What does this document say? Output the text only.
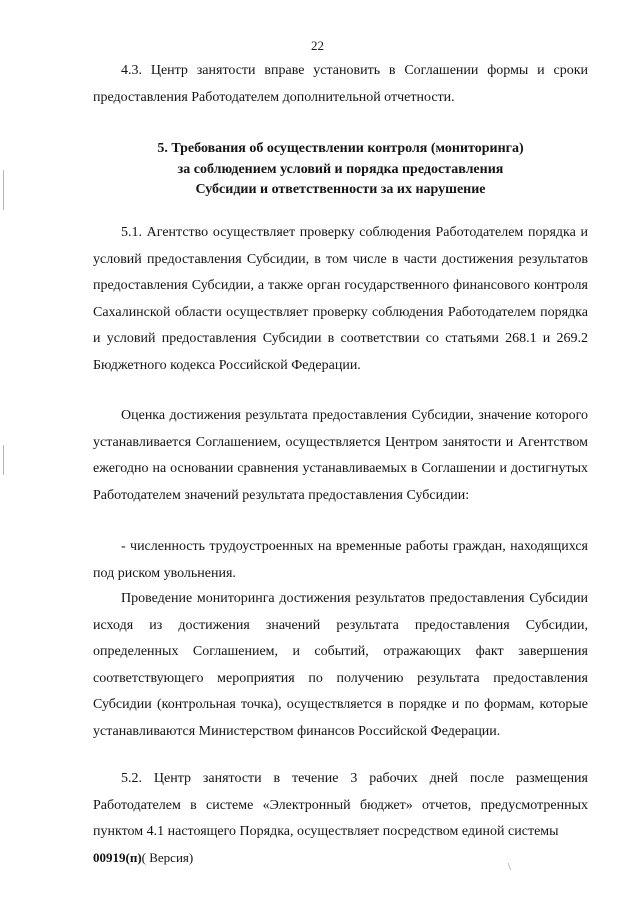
22

4.3. Центр занятости вправе установить в Соглашении формы и сроки предоставления Работодателем дополнительной отчетности.

5. Требования об осуществлении контроля (мониторинга)
за соблюдением условий и порядка предоставления
Субсидии и ответственности за их нарушение

5.1. Агентство осуществляет проверку соблюдения Работодателем порядка и условий предоставления Субсидии, в том числе в части достижения результатов предоставления Субсидии, а также орган государственного финансового контроля Сахалинской области осуществляет проверку соблюдения Работодателем порядка и условий предоставления Субсидии в соответствии со статьями 268.1 и 269.2 Бюджетного кодекса Российской Федерации.

Оценка достижения результата предоставления Субсидии, значение которого устанавливается Соглашением, осуществляется Центром занятости и Агентством ежегодно на основании сравнения устанавливаемых в Соглашении и достигнутых Работодателем значений результата предоставления Субсидии:

- численность трудоустроенных на временные работы граждан, находящихся под риском увольнения.

Проведение мониторинга достижения результатов предоставления Субсидии исходя из достижения значений результата предоставления Субсидии, определенных Соглашением, и событий, отражающих факт завершения соответствующего мероприятия по получению результата предоставления Субсидии (контрольная точка), осуществляется в порядке и по формам, которые устанавливаются Министерством финансов Российской Федерации.

5.2. Центр занятости в течение 3 рабочих дней после размещения Работодателем в системе «Электронный бюджет» отчетов, предусмотренных пунктом 4.1 настоящего Порядка, осуществляет посредством единой системы

00919(п)( Версия)
\
